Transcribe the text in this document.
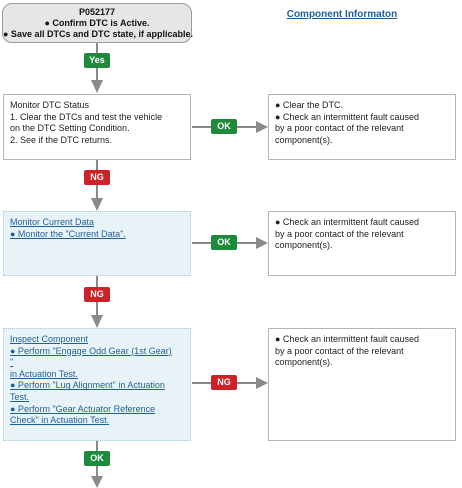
P052177
● Confirm DTC is Active.
● Save all DTCs and DTC state, if applicable.
Component Informaton
Yes
OK
NG
OK
NG
NG
OK
Monitor DTC Status
1. Clear the DTCs and test the vehicle
on the DTC Setting Condition.
2. See if the DTC returns.
● Clear the DTC.
● Check an intermittent fault caused
by a poor contact of the relevant
component(s).
Monitor Current Data
● Monitor the "Current Data".
● Check an intermittent fault caused
by a poor contact of the relevant
component(s).
Inspect Component
● Perform "Engage Odd Gear (1st Gear)
"
in Actuation Test.
● Perform "Lug Alignment" in Actuation
Test.
● Perform "Gear Actuator Reference
Check" in Actuation Test.
● Check an intermittent fault caused
by a poor contact of the relevant
component(s).
